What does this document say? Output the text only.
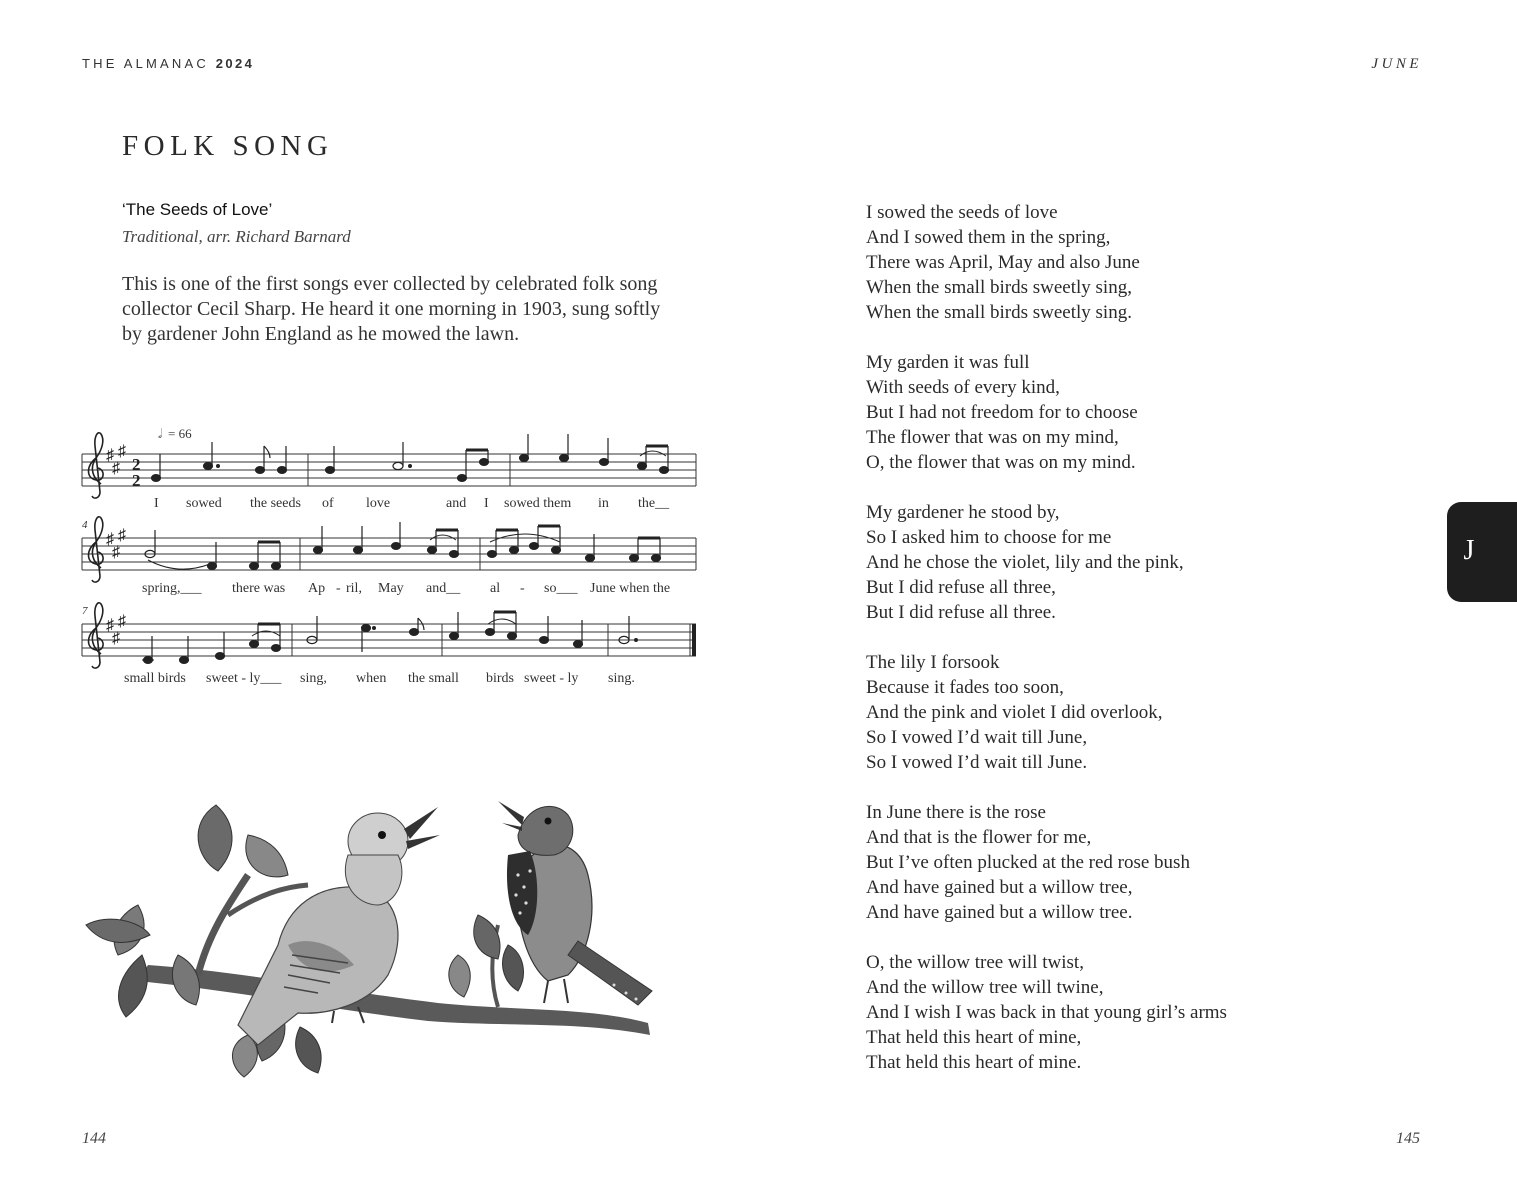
THE ALMANAC 2024	JUNE
FOLK SONG
‘The Seeds of Love’
Traditional, arr. Richard Barnard

This is one of the first songs ever collected by celebrated folk song collector Cecil Sharp. He heard it one morning in 1903, sung softly by gardener John England as he mowed the lawn.

♯
♯
♯
𝅗𝅥 = 66
2
2
I sowed the seeds of love	and I sowed them in the__
4
spring,___ there was Ap - ril, May and__ al - so___ June when the
7
small birds sweet - ly___ sing, when the small birds sweet - ly sing.
I sowed the seeds of love
And I sowed them in the spring,
There was April, May and also June
When the small birds sweetly sing,
When the small birds sweetly sing.
My garden it was full
With seeds of every kind,
But I had not freedom for to choose
The flower that was on my mind,
O, the flower that was on my mind.
My gardener he stood by,
So I asked him to choose for me
And he chose the violet, lily and the pink,
But I did refuse all three,
But I did refuse all three.
The lily I forsook
Because it fades too soon,
And the pink and violet I did overlook,
So I vowed I’d wait till June,
So I vowed I’d wait till June.
In June there is the rose
And that is the flower for me,
But I’ve often plucked at the red rose bush
And have gained but a willow tree,
And have gained but a willow tree.
O, the willow tree will twist,
And the willow tree will twine,
And I wish I was back in that young girl’s arms
That held this heart of mine,
That held this heart of mine.
J
144	145
